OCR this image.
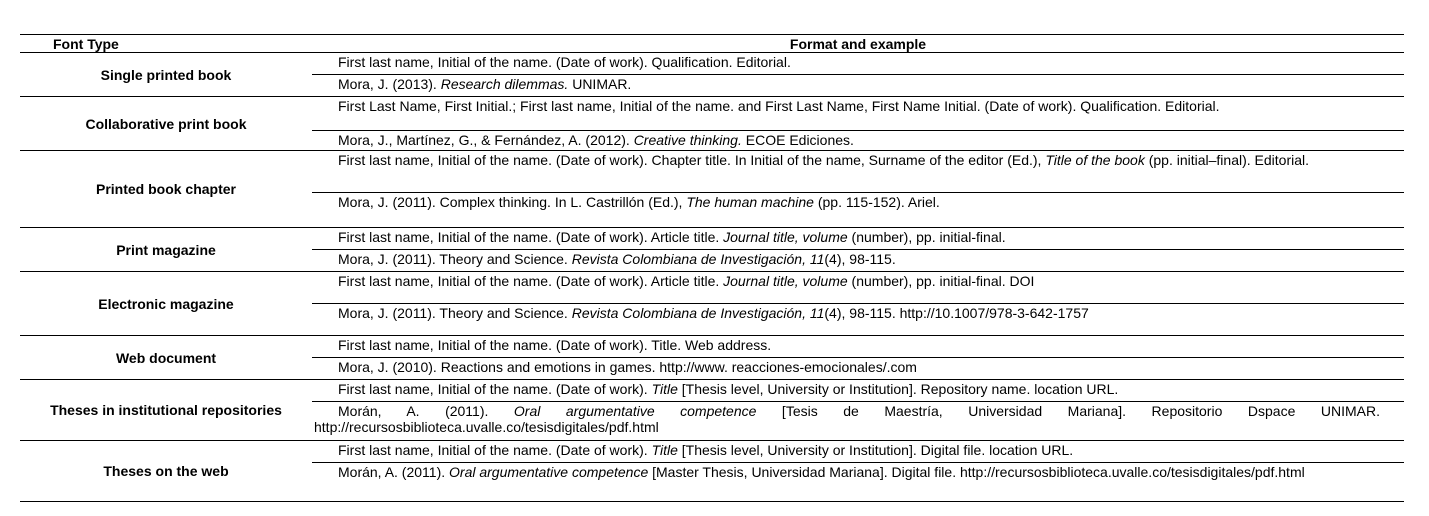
Font Type	Format and example
Single printed book	First last name, Initial of the name. (Date of work). Qualification. Editorial.
	Mora, J. (2013). Research dilemmas. UNIMAR.
Collaborative print book	First Last Name, First Initial.; First last name, Initial of the name. and First Last Name, First Name Initial. (Date of work). Qualification. Editorial.
	Mora, J., Martínez, G., & Fernández, A. (2012). Creative thinking. ECOE Ediciones.
Printed book chapter	First last name, Initial of the name. (Date of work). Chapter title. In Initial of the name, Surname of the editor (Ed.), Title of the book (pp. initial–final). Editorial.
	Mora, J. (2011). Complex thinking. In L. Castrillón (Ed.), The human machine (pp. 115-152). Ariel.
Print magazine	First last name, Initial of the name. (Date of work). Article title. Journal title, volume (number), pp. initial-final.
	Mora, J. (2011). Theory and Science. Revista Colombiana de Investigación, 11(4), 98-115.
Electronic magazine	First last name, Initial of the name. (Date of work). Article title. Journal title, volume (number), pp. initial-final. DOI
	Mora, J. (2011). Theory and Science. Revista Colombiana de Investigación, 11(4), 98-115. http://10.1007/978-3-642-1757
Web document	First last name, Initial of the name. (Date of work). Title. Web address.
	Mora, J. (2010). Reactions and emotions in games. http://www. reacciones-emocionales/.com
Theses in institutional repositories	First last name, Initial of the name. (Date of work). Title [Thesis level, University or Institution]. Repository name. location URL.
	Morán, A. (2011). Oral argumentative competence [Tesis de Maestría, Universidad Mariana]. Repositorio Dspace UNIMAR. http://recursosbiblioteca.uvalle.co/tesisdigitales/pdf.html
Theses on the web	First last name, Initial of the name. (Date of work). Title [Thesis level, University or Institution]. Digital file. location URL.
	Morán, A. (2011). Oral argumentative competence [Master Thesis, Universidad Mariana]. Digital file. http://recursosbiblioteca.uvalle.co/tesisdigitales/pdf.html
